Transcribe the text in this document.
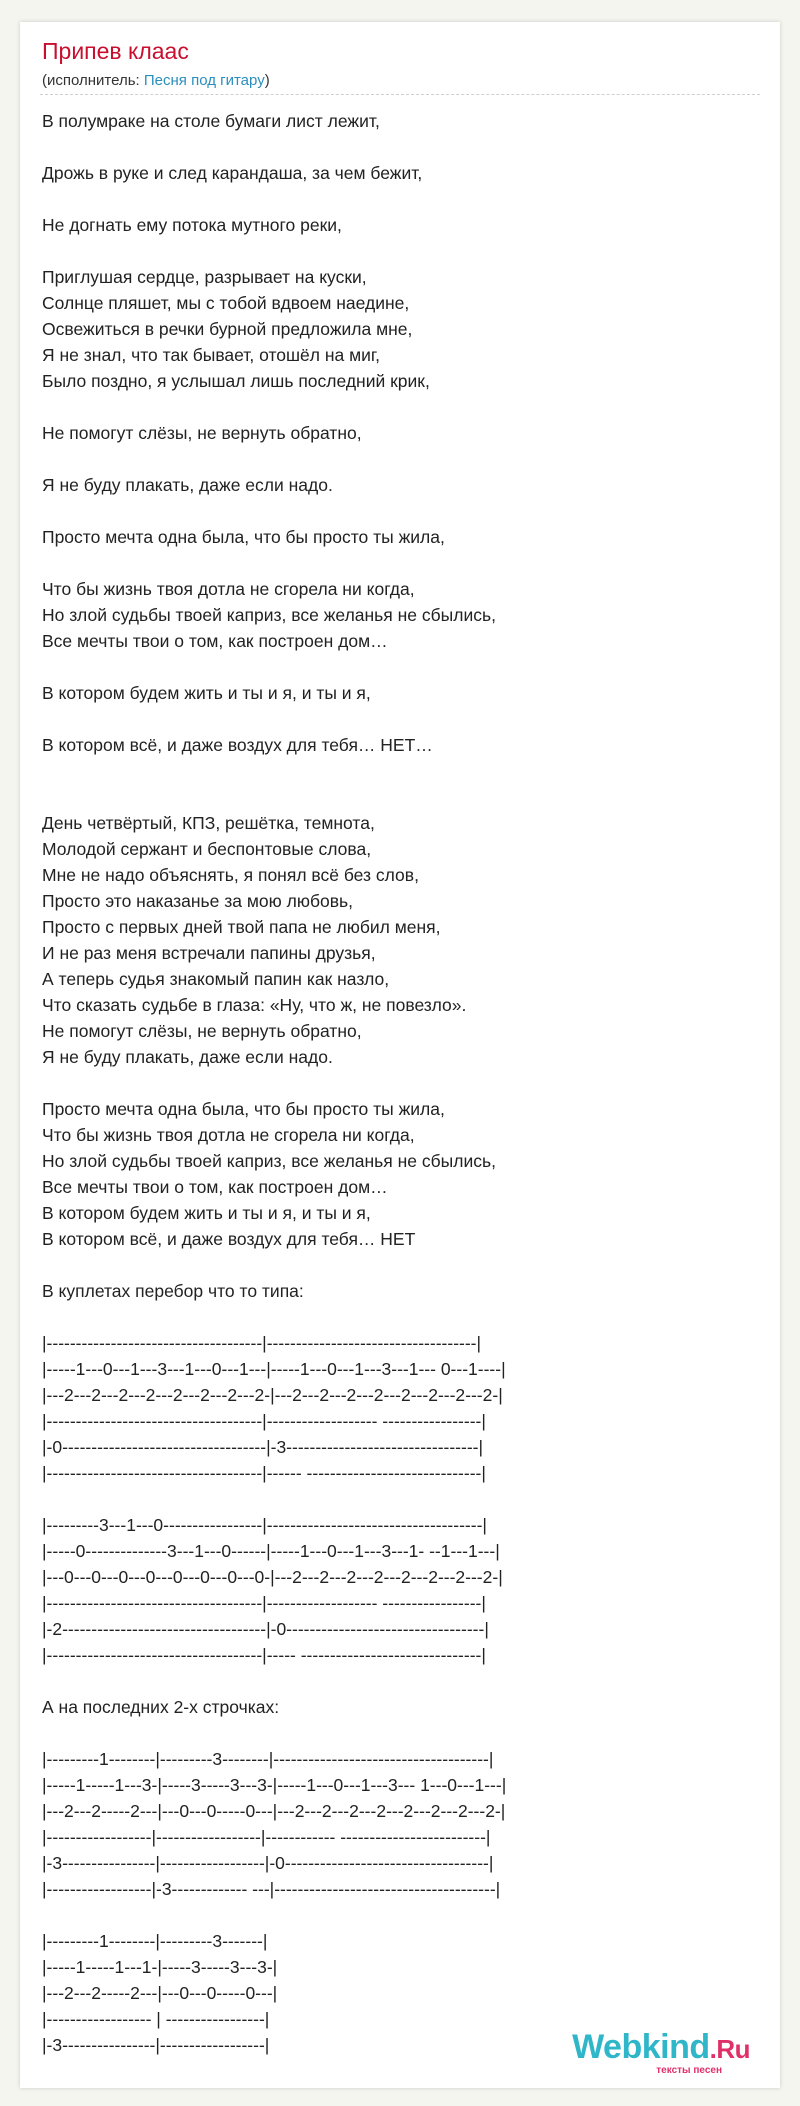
Припев клаас
(исполнитель: Песня под гитару)
В полумраке на столе бумаги лист лежит,

Дрожь в руке и след карандаша, за чем бежит,

Не догнать ему потока мутного реки,

Приглушая сердце, разрывает на куски,
Солнце пляшет, мы с тобой вдвоем наедине,
Освежиться в речки бурной предложила мне,
Я не знал, что так бывает, отошёл на миг,
Было поздно, я услышал лишь последний крик,

Не помогут слёзы, не вернуть обратно,

Я не буду плакать, даже если надо.

Просто мечта одна была, что бы просто ты жила,

Что бы жизнь твоя дотла не сгорела ни когда,
Но злой судьбы твоей каприз, все желанья не сбылись,
Все мечты твои о том, как построен дом…

В котором будем жить и ты и я, и ты и я,

В котором всё, и даже воздух для тебя… НЕТ…

День четвёртый, КПЗ, решётка, темнота,
Молодой сержант и беспонтовые слова,
Мне не надо объяснять, я понял всё без слов,
Просто это наказанье за мою любовь,
Просто с первых дней твой папа не любил меня,
И не раз меня встречали папины друзья,
А теперь судья знакомый папин как назло,
Что сказать судьбе в глаза: «Ну, что ж, не повезло».
Не помогут слёзы, не вернуть обратно,
Я не буду плакать, даже если надо.

Просто мечта одна была, что бы просто ты жила,
Что бы жизнь твоя дотла не сгорела ни когда,
Но злой судьбы твоей каприз, все желанья не сбылись,
Все мечты твои о том, как построен дом…
В котором будем жить и ты и я, и ты и я,
В котором всё, и даже воздух для тебя… НЕТ

В куплетах перебор что то типа:

|-------------------------------------|------------------------------------|
|-----1---0---1---3---1---0---1---|-----1---0---1---3---1--- 0---1----|
|---2---2---2---2---2---2---2---2-|---2---2---2---2---2---2---2---2-|
|-------------------------------------|------------------- -----------------|
|-0-----------------------------------|-3---------------------------------|
|-------------------------------------|------ ------------------------------|

|---------3---1---0-----------------|-------------------------------------|
|-----0--------------3---1---0------|-----1---0---1---3---1- --1---1---|
|---0---0---0---0---0---0---0---0-|---2---2---2---2---2---2---2---2-|
|-------------------------------------|------------------- -----------------|
|-2-----------------------------------|-0----------------------------------|
|-------------------------------------|----- -------------------------------|

А на последних 2-х строчках:

|---------1--------|---------3--------|-------------------------------------|
|-----1-----1---3-|-----3-----3---3-|-----1---0---1---3--- 1---0---1---|
|---2---2-----2---|---0---0-----0---|---2---2---2---2---2---2---2---2-|
|------------------|------------------|------------ -------------------------|
|-3----------------|------------------|-0-----------------------------------|
|------------------|-3------------- ---|--------------------------------------|

|---------1--------|---------3-------|
|-----1-----1---1-|-----3-----3---3-|
|---2---2-----2---|---0---0-----0---|
|------------------ | -----------------|
|-3----------------|------------------|	Webkind.Ru
тексты песен
